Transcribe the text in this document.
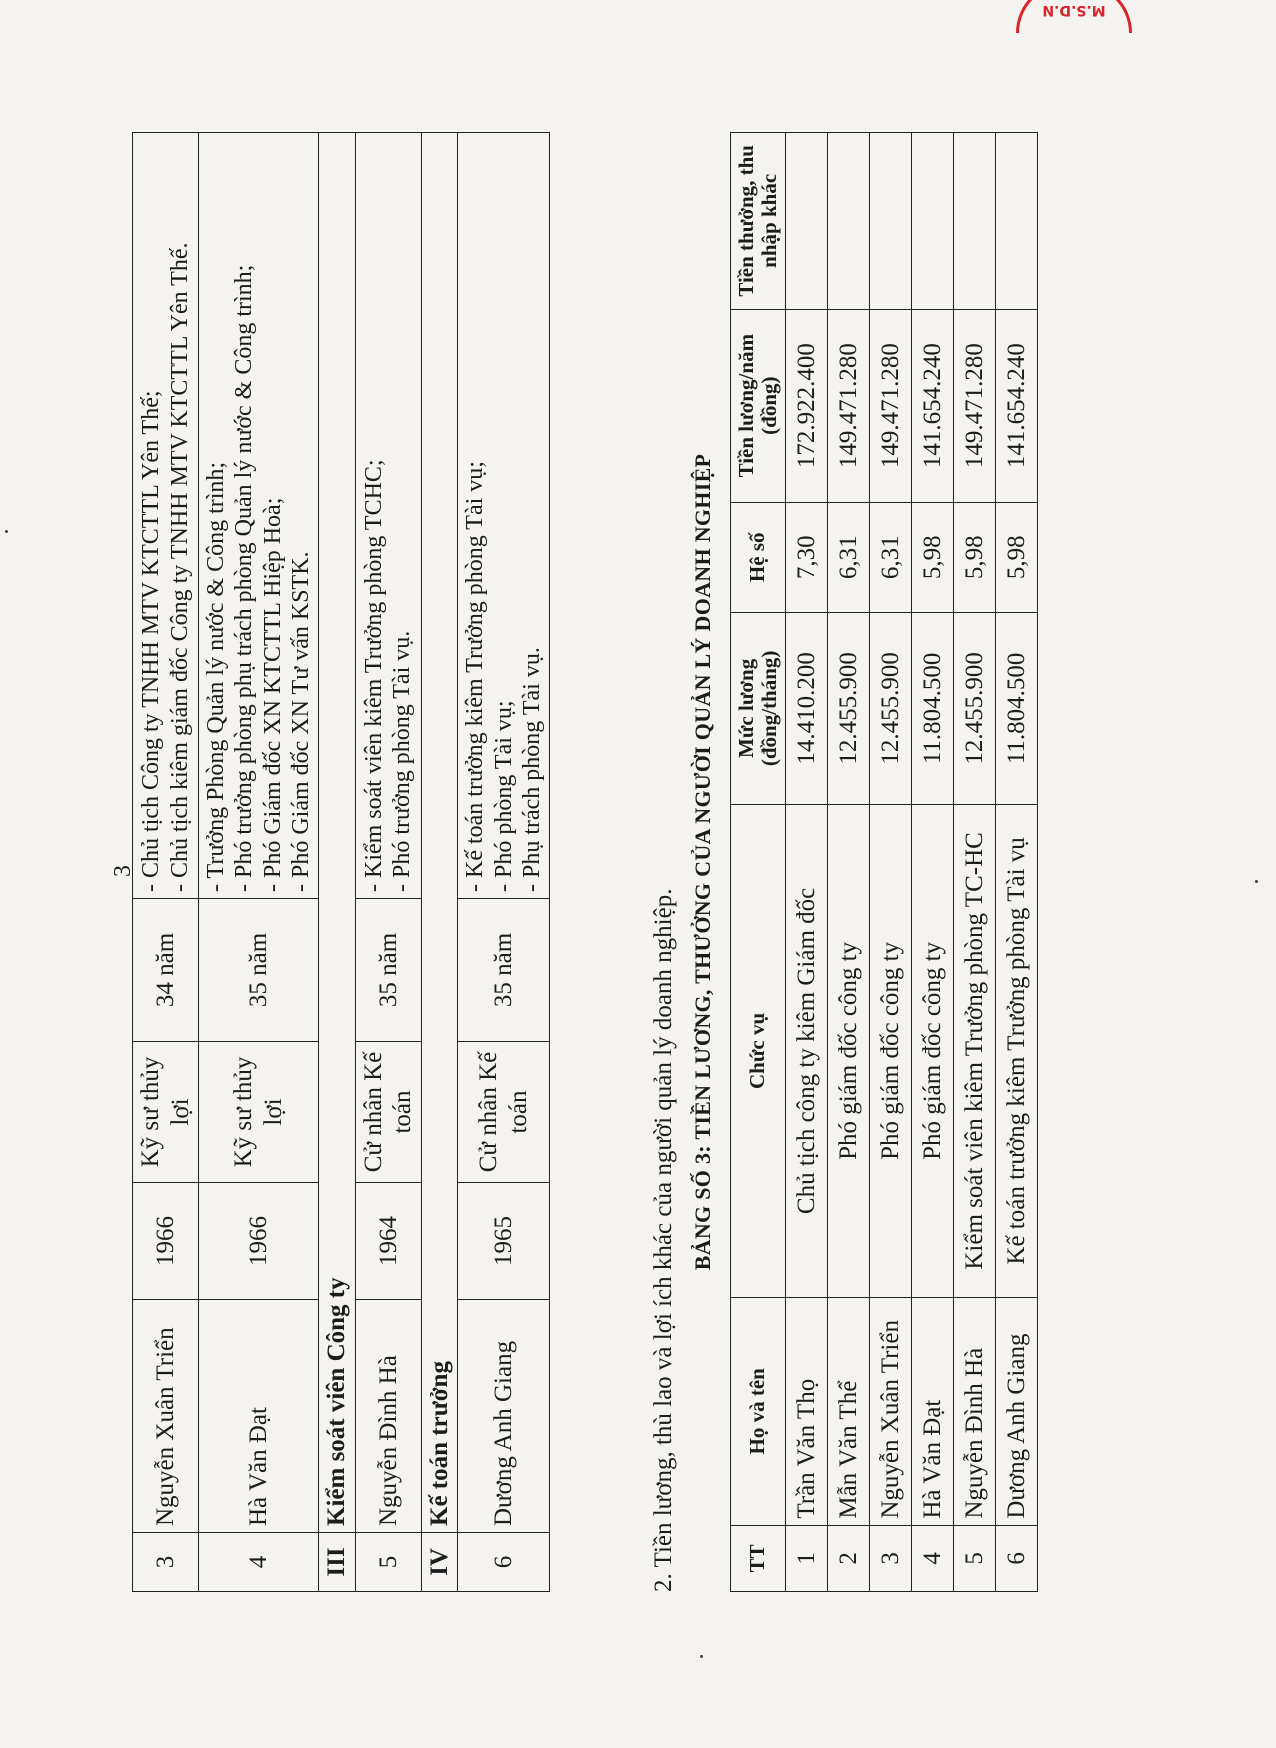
M.S.D.N
3
3	Nguyễn Xuân Triển	1966	Kỹ sư thủy lợi	34 năm	- Chủ tịch Công ty TNHH MTV KTCTTL Yên Thế; - Chủ tịch kiêm giám đốc Công ty TNHH MTV KTCTTL Yên Thế.

4	Hà Văn Đạt	1966	Kỹ sư thủy lợi	35 năm	- Trưởng Phòng Quản lý nước & Công trình; - Phó trưởng phòng phụ trách phòng Quản lý nước & Công trình; - Phó Giám đốc XN KTCTTL Hiệp Hoà; - Phó Giám đốc XN Tư vấn KSTK.

III	Kiểm soát viên Công ty				
5	Nguyễn Đình Hà	1964	Cử nhân Kế toán	35 năm	- Kiểm soát viên kiêm Trưởng phòng TCHC; - Phó trưởng phòng Tài vụ.

IV	Kế toán trưởng				
6	Dương Anh Giang	1965	Cử nhân Kế toán	35 năm	- Kế toán trưởng kiêm Trưởng phòng Tài vụ; - Phó phòng Tài vụ; - Phụ trách phòng Tài vụ.
2. Tiền lương, thù lao và lợi ích khác của người quản lý doanh nghiệp. BẢNG SỐ 3: TIỀN LƯƠNG, THƯỞNG CỦA NGƯỜI QUẢN LÝ DOANH NGHIỆP
TT	Họ và tên	Chức vụ	Mức lương (đồng/tháng)	Hệ số	Tiền lương/năm (đồng)	Tiền thưởng, thu nhập khác
1	Trần Văn Thọ	Chủ tịch công ty kiêm Giám đốc	14.410.200	7,30	172.922.400	
2	Mẫn Văn Thể	Phó giám đốc công ty	12.455.900	6,31	149.471.280	
3	Nguyễn Xuân Triển	Phó giám đốc công ty	12.455.900	6,31	149.471.280	
4	Hà Văn Đạt	Phó giám đốc công ty	11.804.500	5,98	141.654.240	
5	Nguyễn Đình Hà	Kiểm soát viên kiêm Trưởng phòng TC-HC	12.455.900	5,98	149.471.280	
6	Dương Anh Giang	Kế toán trưởng kiêm Trưởng phòng Tài vụ	11.804.500	5,98	141.654.240	
